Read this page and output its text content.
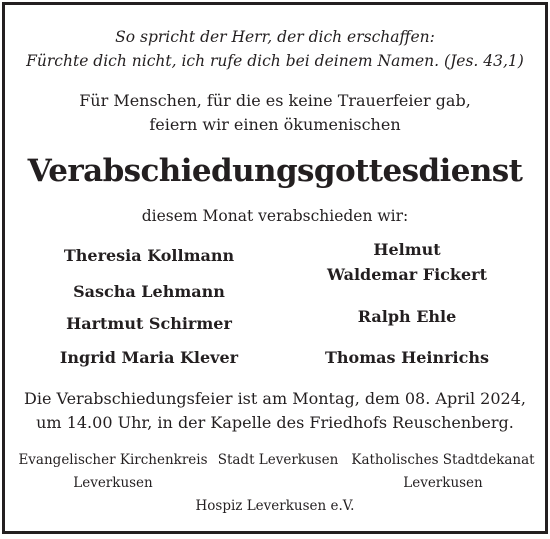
So spricht der Herr, der dich erschaffen:
Fürchte dich nicht, ich rufe dich bei deinem Namen. (Jes. 43,1)
Für Menschen, für die es keine Trauerfeier gab,
feiern wir einen ökumenischen
Verabschiedungsgottesdienst
diesem Monat verabschieden wir:
Theresia Kollmann
Sascha Lehmann
Hartmut Schirmer
Ingrid Maria Klever
Helmut
Waldemar Fickert
Ralph Ehle
Thomas Heinrichs
Die Verabschiedungsfeier ist am Montag, dem 08. April 2024,
um 14.00 Uhr, in der Kapelle des Friedhofs Reuschenberg.
Evangelischer Kirchenkreis
Leverkusen
Stadt Leverkusen Katholisches Stadtdekanat
Leverkusen
Hospiz Leverkusen e.V.
